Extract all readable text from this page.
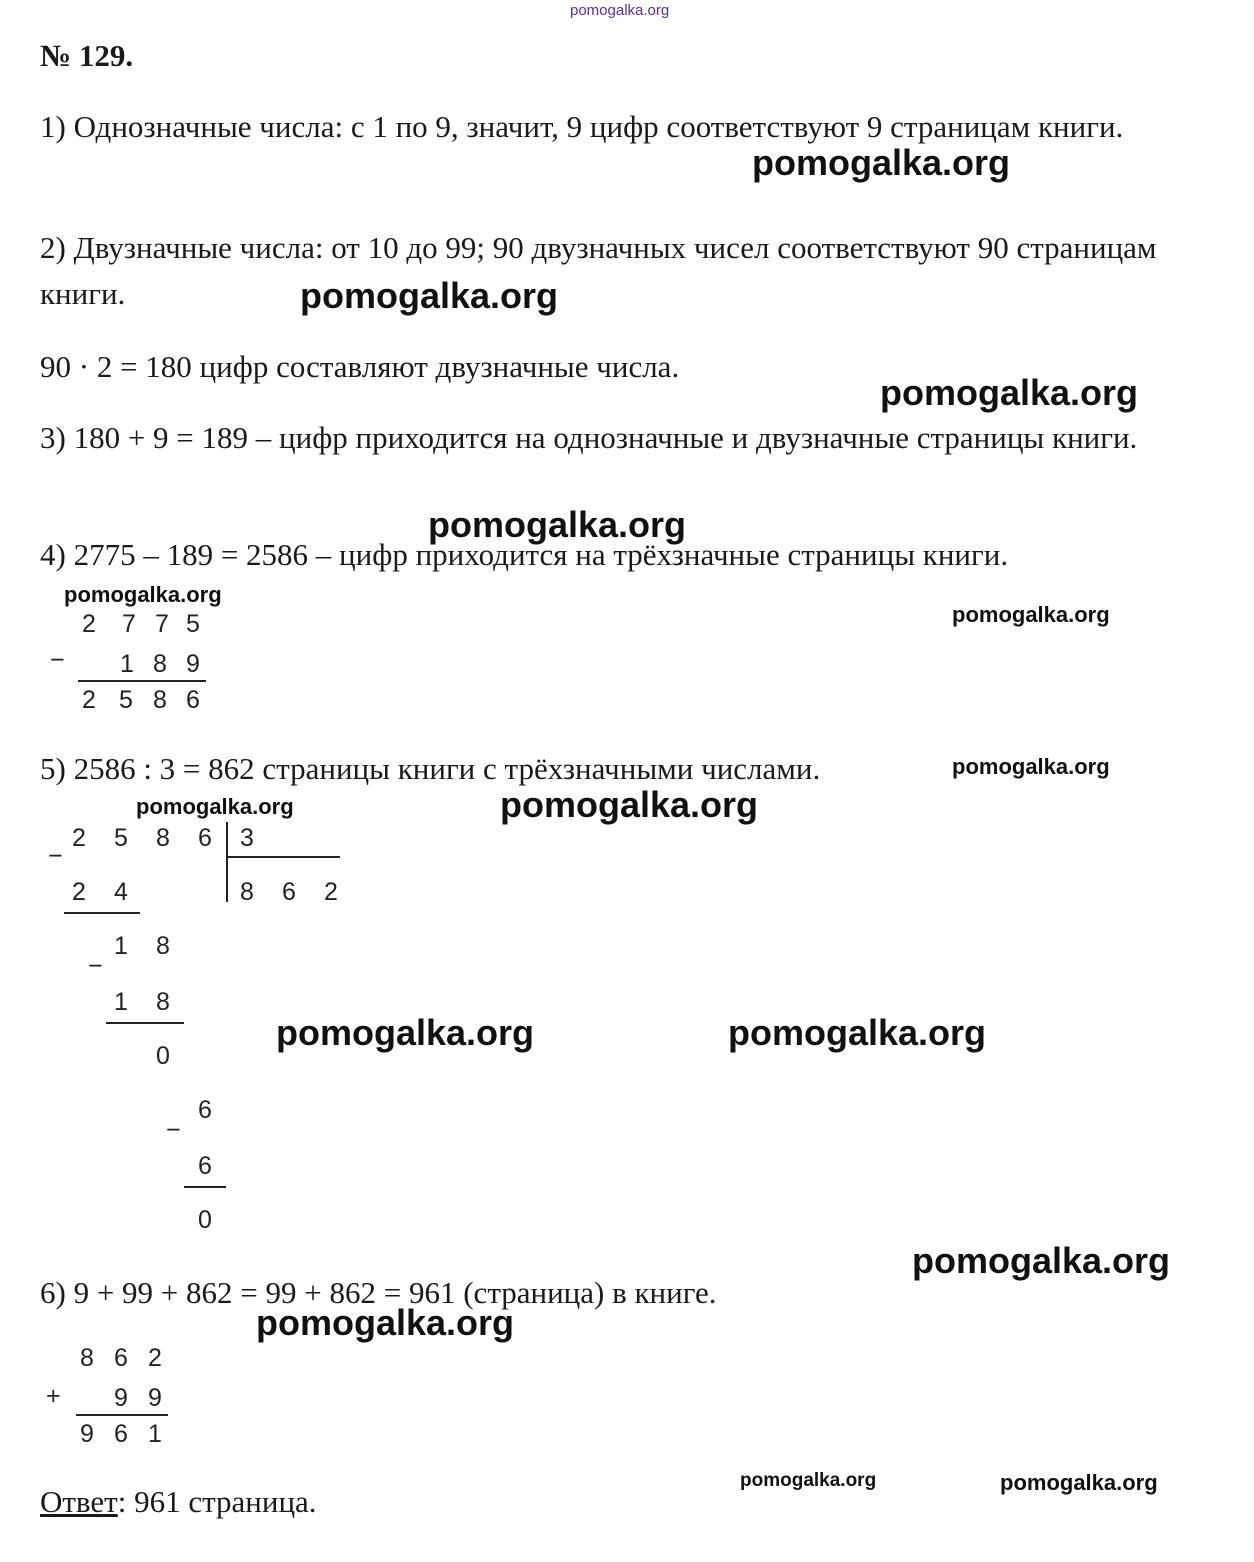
pomogalka.org
№ 129.
1) Однозначные числа: с 1 по 9, значит, 9 цифр соответствуют 9 страницам книги.
2) Двузначные числа: от 10 до 99; 90 двузначных чисел соответствуют 90 страницам книги.
90 · 2 = 180 цифр составляют двузначные числа.
3) 180 + 9 = 189 – цифр приходится на однозначные и двузначные страницы книги.
4) 2775 – 189 = 2586 – цифр приходится на трёхзначные страницы книги.
2 7 7 5
− 1 8 9
2 5 8 6
5) 2586 : 3 = 862 страницы книги с трёхзначными числами.
2 5 8 6
−
3
8 6 2
2 4
1 8
−
1 8
0
6
−
6
0
6) 9 + 99 + 862 = 99 + 862 = 961 (страница) в книге.
8 6 2
+ 9 9
9 6 1
Ответ: 961 страница.
pomogalka.org
pomogalka.org
pomogalka.org
pomogalka.org
pomogalka.org
pomogalka.org
pomogalka.org
pomogalka.org	pomogalka.org
pomogalka.org	pomogalka.org
pomogalka.org
pomogalka.org
pomogalka.org	pomogalka.org
